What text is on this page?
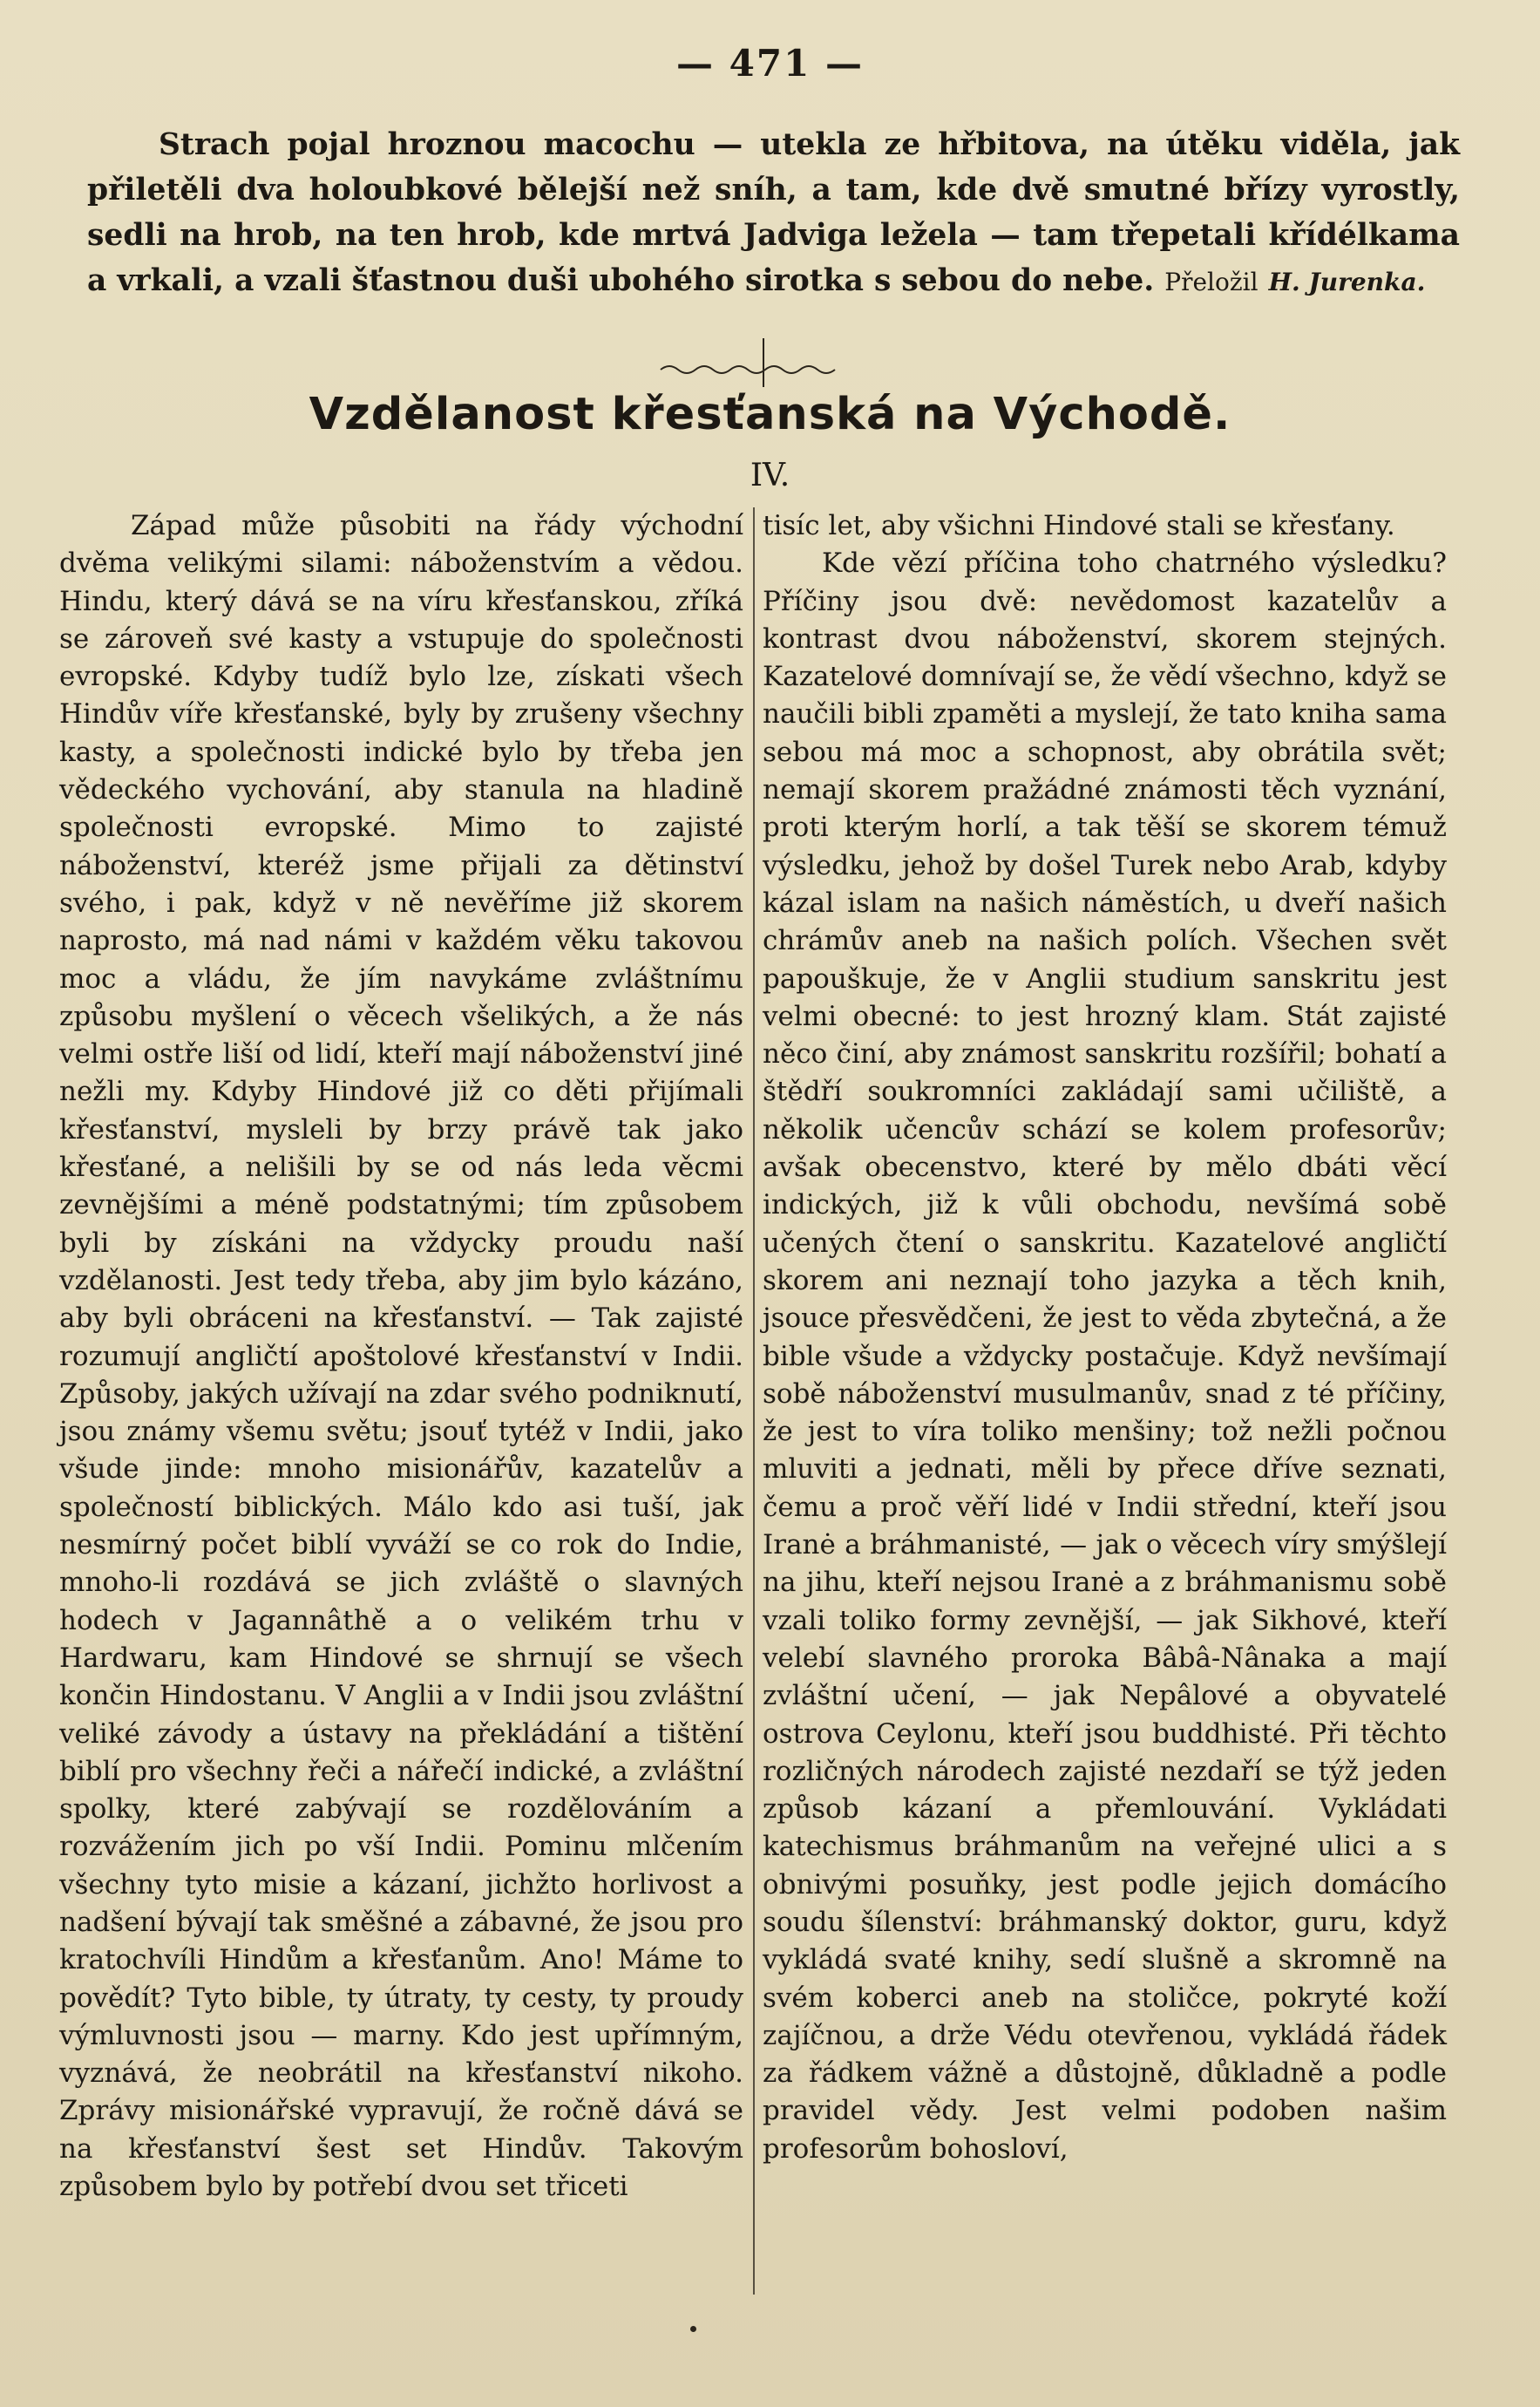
— 471 —
Strach pojal hroznou macochu — utekla ze hřbitova, na útěku viděla, jak přiletěli dva holoubkové bělejší než sníh, a tam, kde dvě smutné břízy vyrostly, sedli na hrob, na ten hrob, kde mrtvá Jadviga ležela — tam třepetali křídélkama a vrkali, a vzali šťastnou duši ubohého sirotka s sebou do nebe. Přeložil H. Jurenka.
Vzdělanost křesťanská na Východě.
IV.

Západ může působiti na řády východní dvěma velikými silami: náboženstvím a vědou. Hindu, který dává se na víru křesťanskou, zříká se zároveň své kasty a vstupuje do společnosti evropské. Kdyby tudíž bylo lze, získati všech Hindův víře křesťanské, byly by zrušeny všechny kasty, a společnosti indické bylo by třeba jen vědeckého vychování, aby stanula na hladině společnosti evropské. Mimo to zajisté náboženství, kteréž jsme přijali za dětinství svého, i pak, když v ně nevěříme již skorem naprosto, má nad námi v každém věku takovou moc a vládu, že jím navykáme zvláštnímu způsobu myšlení o věcech všelikých, a že nás velmi ostře liší od lidí, kteří mají náboženství jiné nežli my. Kdyby Hindové již co děti přijímali křesťanství, mysleli by brzy právě tak jako křesťané, a nelišili by se od nás leda věcmi zevnějšími a méně podstatnými; tím způsobem byli by získáni na vždycky proudu naší vzdělanosti. Jest tedy třeba, aby jim bylo kázáno, aby byli obráceni na křesťanství. — Tak zajisté rozumují angličtí apoštolové křesťanství v Indii. Způsoby, jakých užívají na zdar svého podniknutí, jsou známy všemu světu; jsouť tytéž v Indii, jako všude jinde: mnoho misionářův, kazatelův a společností biblických. Málo kdo asi tuší, jak nesmírný počet biblí vyváží se co rok do Indie, mnoho-li rozdává se jich zvláště o slavných hodech v Jagannâthě a o velikém trhu v Hardwaru, kam Hindové se shrnují se všech končin Hindostanu. V Anglii a v Indii jsou zvláštní veliké závody a ústavy na překládání a tištění biblí pro všechny řeči a nářečí indické, a zvláštní spolky, které zabývají se rozdělováním a rozvážením jich po vší Indii. Pominu mlčením všechny tyto misie a kázaní, jichžto horlivost a nadšení bývají tak směšné a zábavné, že jsou pro kratochvíli Hindům a křesťanům. Ano! Máme to povědít? Tyto bible, ty útraty, ty cesty, ty proudy výmluvnosti jsou — marny. Kdo jest upřímným, vyznává, že neobrátil na křesťanství nikoho. Zprávy misionářské vypravují, že ročně dává se na křesťanství šest set Hindův. Takovým způsobem bylo by potřebí dvou set třiceti

tisíc let, aby všichni Hindové stali se křesťany.

Kde vězí příčina toho chatrného výsledku? Příčiny jsou dvě: nevědomost kazatelův a kontrast dvou náboženství, skorem stejných. Kazatelové domnívají se, že vědí všechno, když se naučili bibli zpaměti a myslejí, že tato kniha sama sebou má moc a schopnost, aby obrátila svět; nemají skorem pražádné známosti těch vyznání, proti kterým horlí, a tak těší se skorem témuž výsledku, jehož by došel Turek nebo Arab, kdyby kázal islam na našich náměstích, u dveří našich chrámův aneb na našich polích. Všechen svět papouškuje, že v Anglii studium sanskritu jest velmi obecné: to jest hrozný klam. Stát zajisté něco činí, aby známost sanskritu rozšířil; bohatí a štědří soukromníci zakládají sami učiliště, a několik učencův schází se kolem profesorův; avšak obecenstvo, které by mělo dbáti věcí indických, již k vůli obchodu, nevšímá sobě učených čtení o sanskritu. Kazatelové angličtí skorem ani neznají toho jazyka a těch knih, jsouce přesvědčeni, že jest to věda zbytečná, a že bible všude a vždycky postačuje. Když nevšímají sobě náboženství musulmanův, snad z té příčiny, že jest to víra toliko menšiny; tož nežli počnou mluviti a jednati, měli by přece dříve seznati, čemu a proč věří lidé v Indii střední, kteří jsou Iranė a bráhmanisté, — jak o věcech víry smýšlejí na jihu, kteří nejsou Iranė a z bráhmanismu sobě vzali toliko formy zevnější, — jak Sikhové, kteří velebí slavného proroka Bâbâ-Nânaka a mají zvláštní učení, — jak Nepâlové a obyvatelé ostrova Ceylonu, kteří jsou buddhisté. Při těchto rozličných národech zajisté nezdaří se týž jeden způsob kázaní a přemlouvání. Vykládati katechismus bráhmanům na veřejné ulici a s obnivými posuňky, jest podle jejich domácího soudu šílenství: bráhmanský doktor, guru, když vykládá svaté knihy, sedí slušně a skromně na svém koberci aneb na stoličce, pokryté koží zajíčnou, a drže Védu otevřenou, vykládá řádek za řádkem vážně a důstojně, důkladně a podle pravidel vědy. Jest velmi podoben našim profesorům bohosloví,
